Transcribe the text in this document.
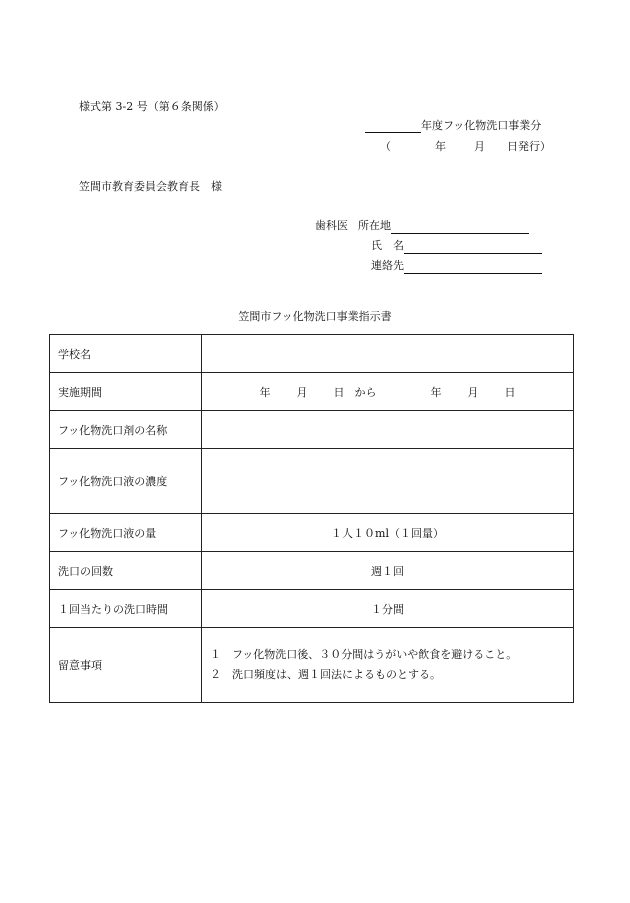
様式第 3-2 号（第６条関係）
年度フッ化物洗口事業分
（	年	月 日発行）
笠間市教育委員会教育長　様
歯科医 所在地
氏　名
連絡先
笠間市フッ化物洗口事業指示書
学校名	
実施期間	年 月 日 から 年 月 日
フッ化物洗口剤の名称	
フッ化物洗口液の濃度	
フッ化物洗口液の量	１人１０ml（１回量）
洗口の回数	週１回
１回当たりの洗口時間	１分間
留意事項	１　フッ化物洗口後、３０分間はうがいや飲食を避けること。
２　洗口頻度は、週１回法によるものとする。
